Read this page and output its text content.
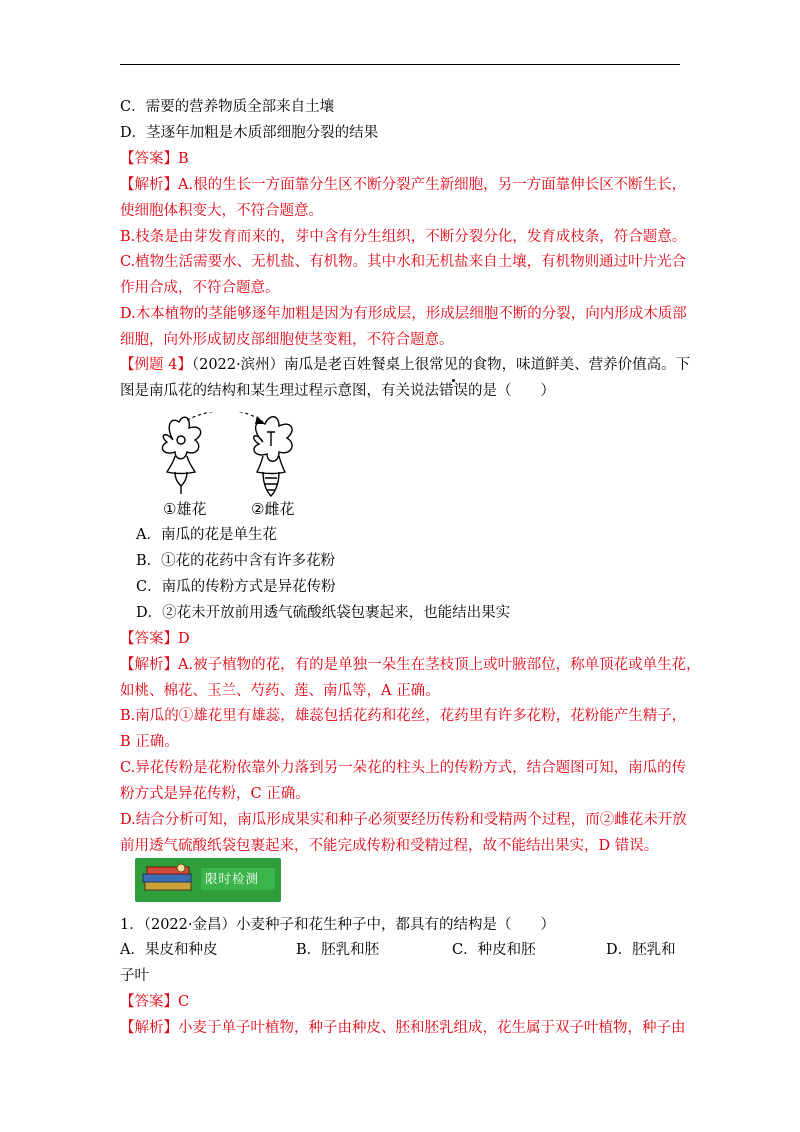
C．需要的营养物质全部来自土壤
D．茎逐年加粗是木质部细胞分裂的结果
【答案】B
【解析】A.根的生长一方面靠分生区不断分裂产生新细胞，另一方面靠伸长区不断生长，
使细胞体积变大，不符合题意。
B.枝条是由芽发育而来的，芽中含有分生组织，不断分裂分化，发育成枝条，符合题意。
C.植物生活需要水、无机盐、有机物。其中水和无机盐来自土壤，有机物则通过叶片光合
作用合成，不符合题意。
D.木本植物的茎能够逐年加粗是因为有形成层，形成层细胞不断的分裂，向内形成木质部
细胞，向外形成韧皮部细胞使茎变粗，不符合题意。
【例题 4】（2022·滨州）南瓜是老百姓餐桌上很常见的食物，味道鲜美、营养价值高。下
图是南瓜花的结构和某生理过程示意图，有关说法错误的是（　　）
①雄花	②雌花
A．南瓜的花是单生花
B．①花的花药中含有许多花粉
C．南瓜的传粉方式是异花传粉
D．②花未开放前用透气硫酸纸袋包裹起来，也能结出果实
【答案】D
【解析】A.被子植物的花，有的是单独一朵生在茎枝顶上或叶腋部位，称单顶花或单生花，
如桃、棉花、玉兰、芍药、莲、南瓜等，A 正确。
B.南瓜的①雄花里有雄蕊，雄蕊包括花药和花丝，花药里有许多花粉，花粉能产生精子，
B 正确。
C.异花传粉是花粉依靠外力落到另一朵花的柱头上的传粉方式，结合题图可知，南瓜的传
粉方式是异花传粉，C 正确。
D.结合分析可知，南瓜形成果实和种子必须要经历传粉和受精两个过程，而②雌花未开放
前用透气硫酸纸袋包裹起来，不能完成传粉和受精过程，故不能结出果实，D 错误。
限时检测
1．（2022·金昌）小麦种子和花生种子中，都具有的结构是（　　）
A．果皮和种皮	B．胚乳和胚	C．种皮和胚	D．胚乳和
子叶
【答案】C
【解析】小麦于单子叶植物，种子由种皮、胚和胚乳组成，花生属于双子叶植物，种子由
